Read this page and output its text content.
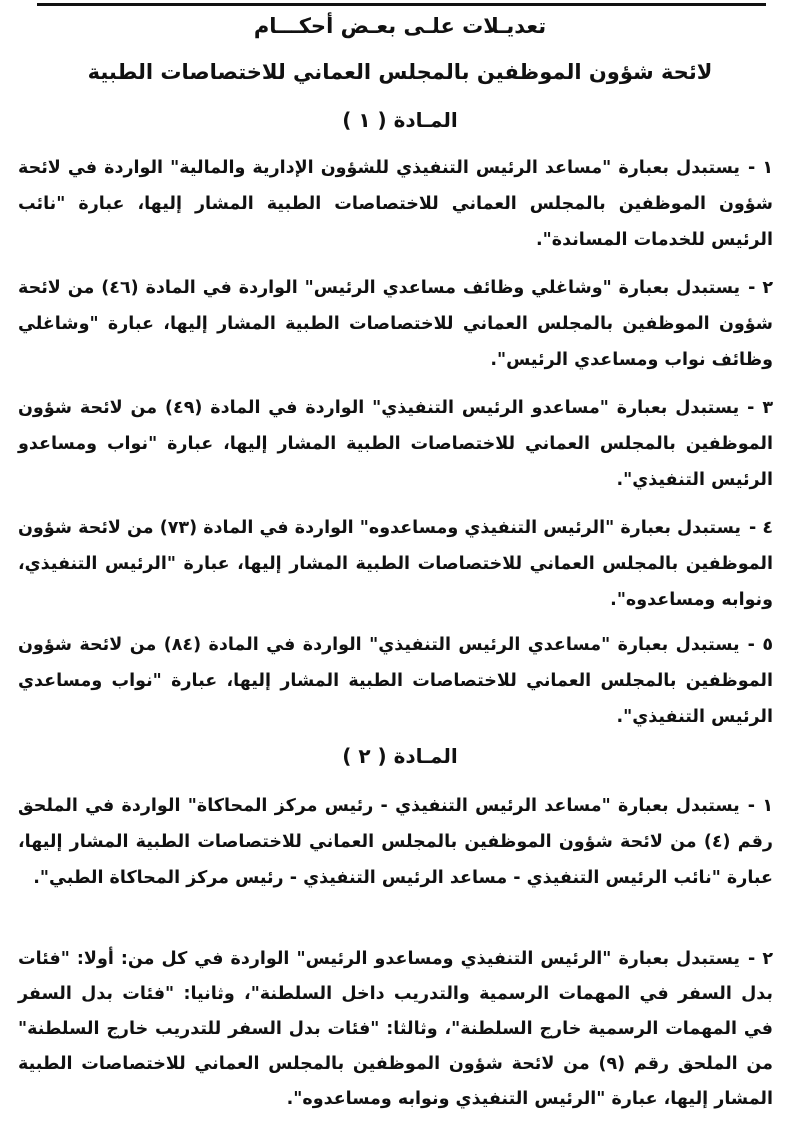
تعديـلات علـى بعـض أحكـــام
لائحة شؤون الموظفين بالمجلس العماني للاختصاصات الطبية
المـادة ( ١ )
١ -يستبدل بعبارة "مساعد الرئيس التنفيذي للشؤون الإدارية والمالية" الواردة في لائحة شؤون الموظفين بالمجلس العماني للاختصاصات الطبية المشار إليها، عبارة "نائب الرئيس للخدمات المساندة".
٢ -يستبدل بعبارة "وشاغلي وظائف مساعدي الرئيس" الواردة في المادة (٤٦) من لائحة شؤون الموظفين بالمجلس العماني للاختصاصات الطبية المشار إليها، عبارة "وشاغلي وظائف نواب ومساعدي الرئيس".
٣ -يستبدل بعبارة "مساعدو الرئيس التنفيذي" الواردة في المادة (٤٩) من لائحة شؤون الموظفين بالمجلس العماني للاختصاصات الطبية المشار إليها، عبارة "نواب ومساعدو الرئيس التنفيذي".
٤ -يستبدل بعبارة "الرئيس التنفيذي ومساعدوه" الواردة في المادة (٧٣) من لائحة شؤون الموظفين بالمجلس العماني للاختصاصات الطبية المشار إليها، عبارة "الرئيس التنفيذي، ونوابه ومساعدوه".
٥ -يستبدل بعبارة "مساعدي الرئيس التنفيذي" الواردة في المادة (٨٤) من لائحة شؤون الموظفين بالمجلس العماني للاختصاصات الطبية المشار إليها، عبارة "نواب ومساعدي الرئيس التنفيذي".
المـادة ( ٢ )
١ -يستبدل بعبارة "مساعد الرئيس التنفيذي - رئيس مركز المحاكاة" الواردة في الملحق رقم (٤) من لائحة شؤون الموظفين بالمجلس العماني للاختصاصات الطبية المشار إليها، عبارة "نائب الرئيس التنفيذي - مساعد الرئيس التنفيذي - رئيس مركز المحاكاة الطبي".
٢ -يستبدل بعبارة "الرئيس التنفيذي ومساعدو الرئيس" الواردة في كل من: أولا: "فئات بدل السفر في المهمات الرسمية والتدريب داخل السلطنة"، وثانيا: "فئات بدل السفر في المهمات الرسمية خارج السلطنة"، وثالثا: "فئات بدل السفر للتدريب خارج السلطنة" من الملحق رقم (٩) من لائحة شؤون الموظفين بالمجلس العماني للاختصاصات الطبية المشار إليها، عبارة "الرئيس التنفيذي ونوابه ومساعدوه".
